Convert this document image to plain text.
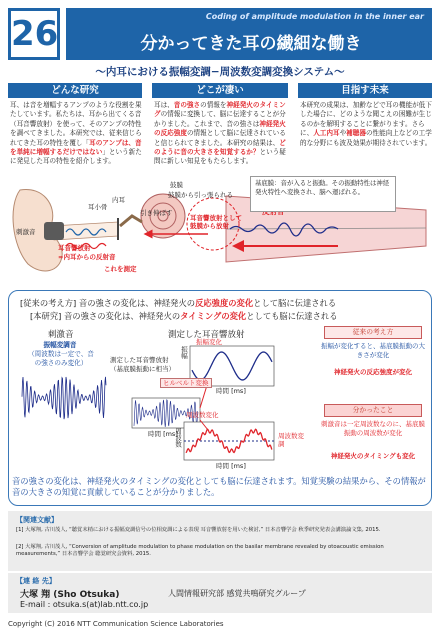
26	Coding of amplitude modulation in the inner ear
分かってきた耳の繊細な働き
～内耳における振幅変調−周波数変調変換システム～
どんな研究	どこが凄い	目指す未来
耳、は音を増幅するアンプのような役割を果たしています。私たちは、耳から出てくる音（耳音響放射）を使って、そのアンプの特性を調べてきました。本研究では、従来信じられてきた耳の特性を覆し「耳のアンプは、音を単純に増幅するだけではない」という新たに発見した耳の特性を紹介します。
耳は、音の強さの情報を神経発火のタイミングの情報に変換して、脳に伝達することが分かりました。これまで、音の強さは神経発火の反応強度の情報として脳に伝達されていると信じられてきました。本研究の結果は、どのように音の大きさを知覚するか？という疑問に新しい知見をもたらします。
本研究の成果は、加齢などで耳の機能が低下した場合に、どのような聞こえの困難が生じるのかを解明することに繋がります。さらに、人工内耳や補聴器の性能向上などの工学的な分野にも波及効果が期待されています。
鼓膜
鼓膜から引っ張られる
内耳
耳小骨
引き伸ばす
刺激音
耳音響放射
=内耳からの反射音
これを測定
耳音響放射として鼓膜から放射
基底膜：音が入ると振動。その振動特性は神経発火特性へ変換され、脳へ運ばれる。
[従来の考え方] 音の強さの変化は、神経発火の反応強度の変化として脳に伝達される
[本研究] 音の強さの変化は、神経発火のタイミングの変化としても脳に伝達される
刺激音	測定した耳音響放射
振幅変調音
（周波数は一定で、音の強さのみ変化）
振幅変化
測定した耳音響放射
（基底膜振動に相当）
ヒルベルト変換
周波数変化
周波数変調
振幅
周波数
時間 [ms]
時間 [ms]
時間 [ms]
従来の考え方
振幅が変化すると、基底膜振動の大きさが変化
神経発火の反応強度が変化
分かったこと
刺激音は一定周波数なのに、基底膜振動の周波数が変化
神経発火のタイミングも変化
音の強さの変化は、神経発火のタイミングの変化としても脳に伝達されます。知覚実験の結果から、その情報が音の大きさの知覚に貢献していることが分かりました。
【関連文献】
[1] 大塚翔, 古川茂人, “聴覚末梢における振幅変調信号の位相変調による表現 耳音響放射を用いた検討,” 日本音響学会 秋季研究発表会講演論文集, 2015.
[2] 大塚翔, 古川茂人, “Conversion of amplitude modulation to phase modulation on the basilar membrane revealed by otoacoustic emission measurements,” 日本音響学会 聴覚研究会資料, 2015.
【連 絡 先】
大塚 翔 (Sho Otsuka)	人間情報研究部 感覚共鳴研究グループ
E-mail : otsuka.s(at)lab.ntt.co.jp
Copyright (C) 2016 NTT Communication Science Laboratories
